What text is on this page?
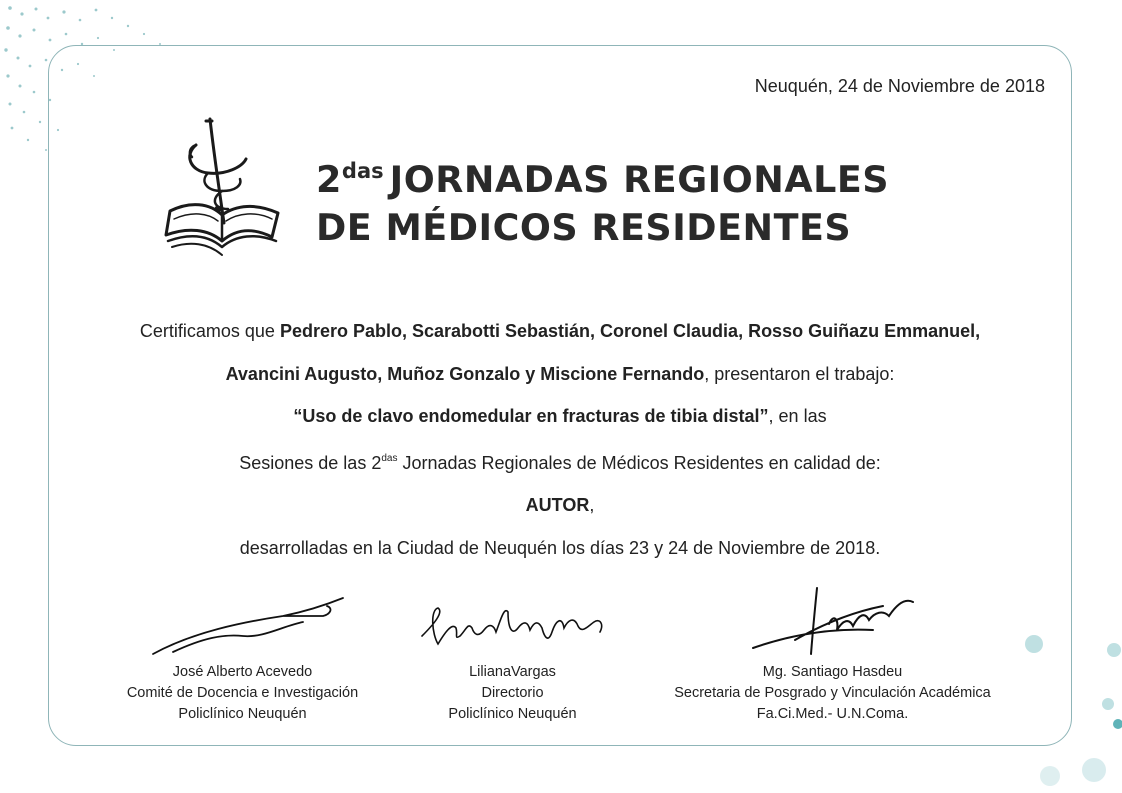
Neuquén, 24 de Noviembre de 2018
$2^{das}$ JORNADAS REGIONALES
DE MÉDICOS RESIDENTES
Certificamos que Pedrero Pablo, Scarabotti Sebastián, Coronel Claudia, Rosso Guiñazu Emmanuel,
Avancini Augusto, Muñoz Gonzalo y Miscione Fernando, presentaron el trabajo:
“Uso de clavo endomedular en fracturas de tibia distal”, en las
Sesiones de las $2^{das}$ Jornadas Regionales de Médicos Residentes en calidad de:
AUTOR,
desarrolladas en la Ciudad de Neuquén los días 23 y 24 de Noviembre de 2018.
José Alberto Acevedo
Comité de Docencia e Investigación
Policlínico Neuquén
LilianaVargas
Directorio
Policlínico Neuquén
Mg. Santiago Hasdeu
Secretaria de Posgrado y Vinculación Académica
Fa.Ci.Med.- U.N.Coma.
